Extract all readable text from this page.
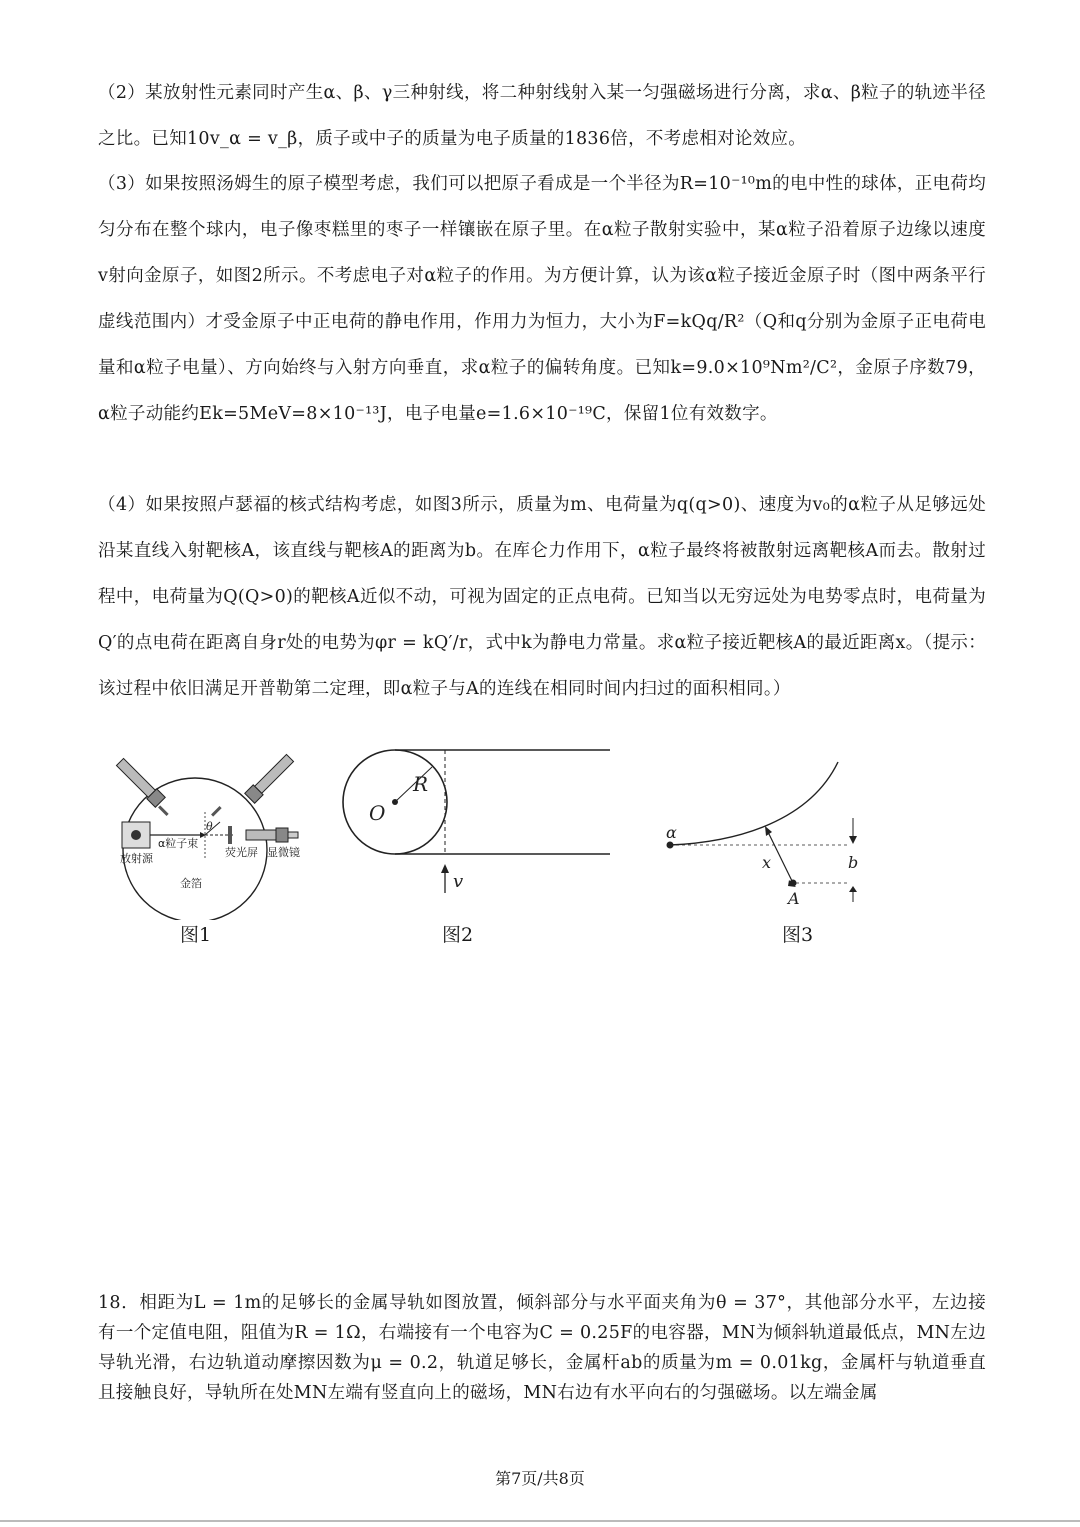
（2）某放射性元素同时产生α、β、γ三种射线，将二种射线射入某一匀强磁场进行分离，求α、β粒子的轨迹半径之比。已知10v_α = v_β，质子或中子的质量为电子质量的1836倍，不考虑相对论效应。
（3）如果按照汤姆生的原子模型考虑，我们可以把原子看成是一个半径为R=10⁻¹⁰m的电中性的球体，正电荷均匀分布在整个球内，电子像枣糕里的枣子一样镶嵌在原子里。在α粒子散射实验中，某α粒子沿着原子边缘以速度v射向金原子，如图2所示。不考虑电子对α粒子的作用。为方便计算，认为该α粒子接近金原子时（图中两条平行虚线范围内）才受金原子中正电荷的静电作用，作用力为恒力，大小为F=kQq/R²（Q和q分别为金原子正电荷电量和α粒子电量）、方向始终与入射方向垂直，求α粒子的偏转角度。已知k=9.0×10⁹Nm²/C²，金原子序数79，α粒子动能约Ek=5MeV=8×10⁻¹³J，电子电量e=1.6×10⁻¹⁹C，保留1位有效数字。
（4）如果按照卢瑟福的核式结构考虑，如图3所示，质量为m、电荷量为q(q>0)、速度为v₀的α粒子从足够远处沿某直线入射靶核A，该直线与靶核A的距离为b。在库仑力作用下，α粒子最终将被散射远离靶核A而去。散射过程中，电荷量为Q(Q>0)的靶核A近似不动，可视为固定的正点电荷。已知当以无穷远处为电势零点时，电荷量为Q′的点电荷在距离自身r处的电势为φr = kQ′/r，式中k为静电力常量。求α粒子接近靶核A的最近距离x。（提示：该过程中依旧满足开普勒第二定理，即α粒子与A的连线在相同时间内扫过的面积相同。）
放射源
α粒子束
荧光屏 显微镜
金箔
θ
R
O
v
α
x	b
A
图1	图2	图3
18．相距为L = 1m的足够长的金属导轨如图放置，倾斜部分与水平面夹角为θ = 37°，其他部分水平，左边接有一个定值电阻，阻值为R = 1Ω，右端接有一个电容为C = 0.25F的电容器，MN为倾斜轨道最低点，MN左边导轨光滑，右边轨道动摩擦因数为μ = 0.2，轨道足够长，金属杆ab的质量为m = 0.01kg，金属杆与轨道垂直且接触良好，导轨所在处MN左端有竖直向上的磁场，MN右边有水平向右的匀强磁场。以左端金属
第7页/共8页
